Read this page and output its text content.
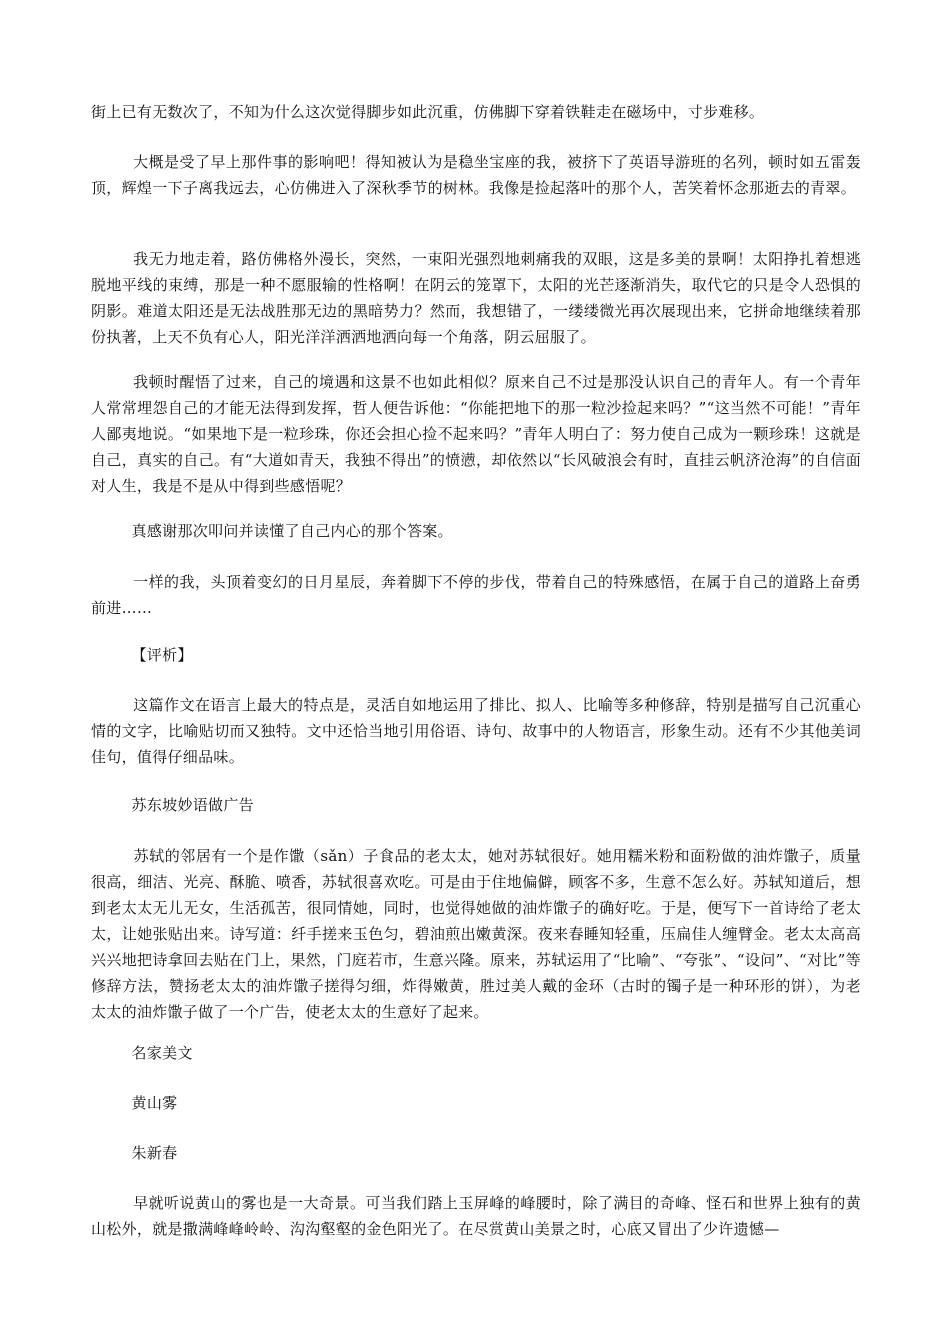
街上已有无数次了，不知为什么这次觉得脚步如此沉重，仿佛脚下穿着铁鞋走在磁场中，寸步难移。

大概是受了早上那件事的影响吧！得知被认为是稳坐宝座的我，被挤下了英语导游班的名列，顿时如五雷轰顶，辉煌一下子离我远去，心仿佛进入了深秋季节的树林。我像是捡起落叶的那个人，苦笑着怀念那逝去的青翠。

我无力地走着，路仿佛格外漫长，突然，一束阳光强烈地刺痛我的双眼，这是多美的景啊！太阳挣扎着想逃脱地平线的束缚，那是一种不愿服输的性格啊！在阴云的笼罩下，太阳的光芒逐渐消失，取代它的只是令人恐惧的阴影。难道太阳还是无法战胜那无边的黑暗势力？然而，我想错了，一缕缕微光再次展现出来，它拼命地继续着那份执著，上天不负有心人，阳光洋洋洒洒地洒向每一个角落，阴云屈服了。

我顿时醒悟了过来，自己的境遇和这景不也如此相似？原来自己不过是那没认识自己的青年人。有一个青年人常常埋怨自己的才能无法得到发挥，哲人便告诉他：“你能把地下的那一粒沙捡起来吗？”“这当然不可能！”青年人鄙夷地说。“如果地下是一粒珍珠，你还会担心捡不起来吗？”青年人明白了：努力使自己成为一颗珍珠！这就是自己，真实的自己。有“大道如青天，我独不得出”的愤懑，却依然以“长风破浪会有时，直挂云帆济沧海”的自信面对人生，我是不是从中得到些感悟呢？

真感谢那次叩问并读懂了自己内心的那个答案。

一样的我，头顶着变幻的日月星辰，奔着脚下不停的步伐，带着自己的特殊感悟，在属于自己的道路上奋勇前进……

【评析】

这篇作文在语言上最大的特点是，灵活自如地运用了排比、拟人、比喻等多种修辞，特别是描写自己沉重心情的文字，比喻贴切而又独特。文中还恰当地引用俗语、诗句、故事中的人物语言，形象生动。还有不少其他美词佳句，值得仔细品味。

苏东坡妙语做广告

苏轼的邻居有一个是作馓（sǎn）子食品的老太太，她对苏轼很好。她用糯米粉和面粉做的油炸馓子，质量很高，细洁、光亮、酥脆、喷香，苏轼很喜欢吃。可是由于住地偏僻，顾客不多，生意不怎么好。苏轼知道后，想到老太太无儿无女，生活孤苦，很同情她，同时，也觉得她做的油炸馓子的确好吃。于是，便写下一首诗给了老太太，让她张贴出来。诗写道：纤手搓来玉色匀，碧油煎出嫩黄深。夜来春睡知轻重，压扁佳人缠臂金。老太太高高兴兴地把诗拿回去贴在门上，果然，门庭若市，生意兴隆。原来，苏轼运用了“比喻”、“夸张”、“设问”、“对比”等修辞方法，赞扬老太太的油炸馓子搓得匀细，炸得嫩黄，胜过美人戴的金环（古时的镯子是一种环形的饼），为老太太的油炸馓子做了一个广告，使老太太的生意好了起来。

名家美文

黄山雾

朱新春

早就听说黄山的雾也是一大奇景。可当我们踏上玉屏峰的峰腰时，除了满目的奇峰、怪石和世界上独有的黄山松外，就是撒满峰峰岭岭、沟沟壑壑的金色阳光了。在尽赏黄山美景之时，心底又冒出了少许遗憾—
